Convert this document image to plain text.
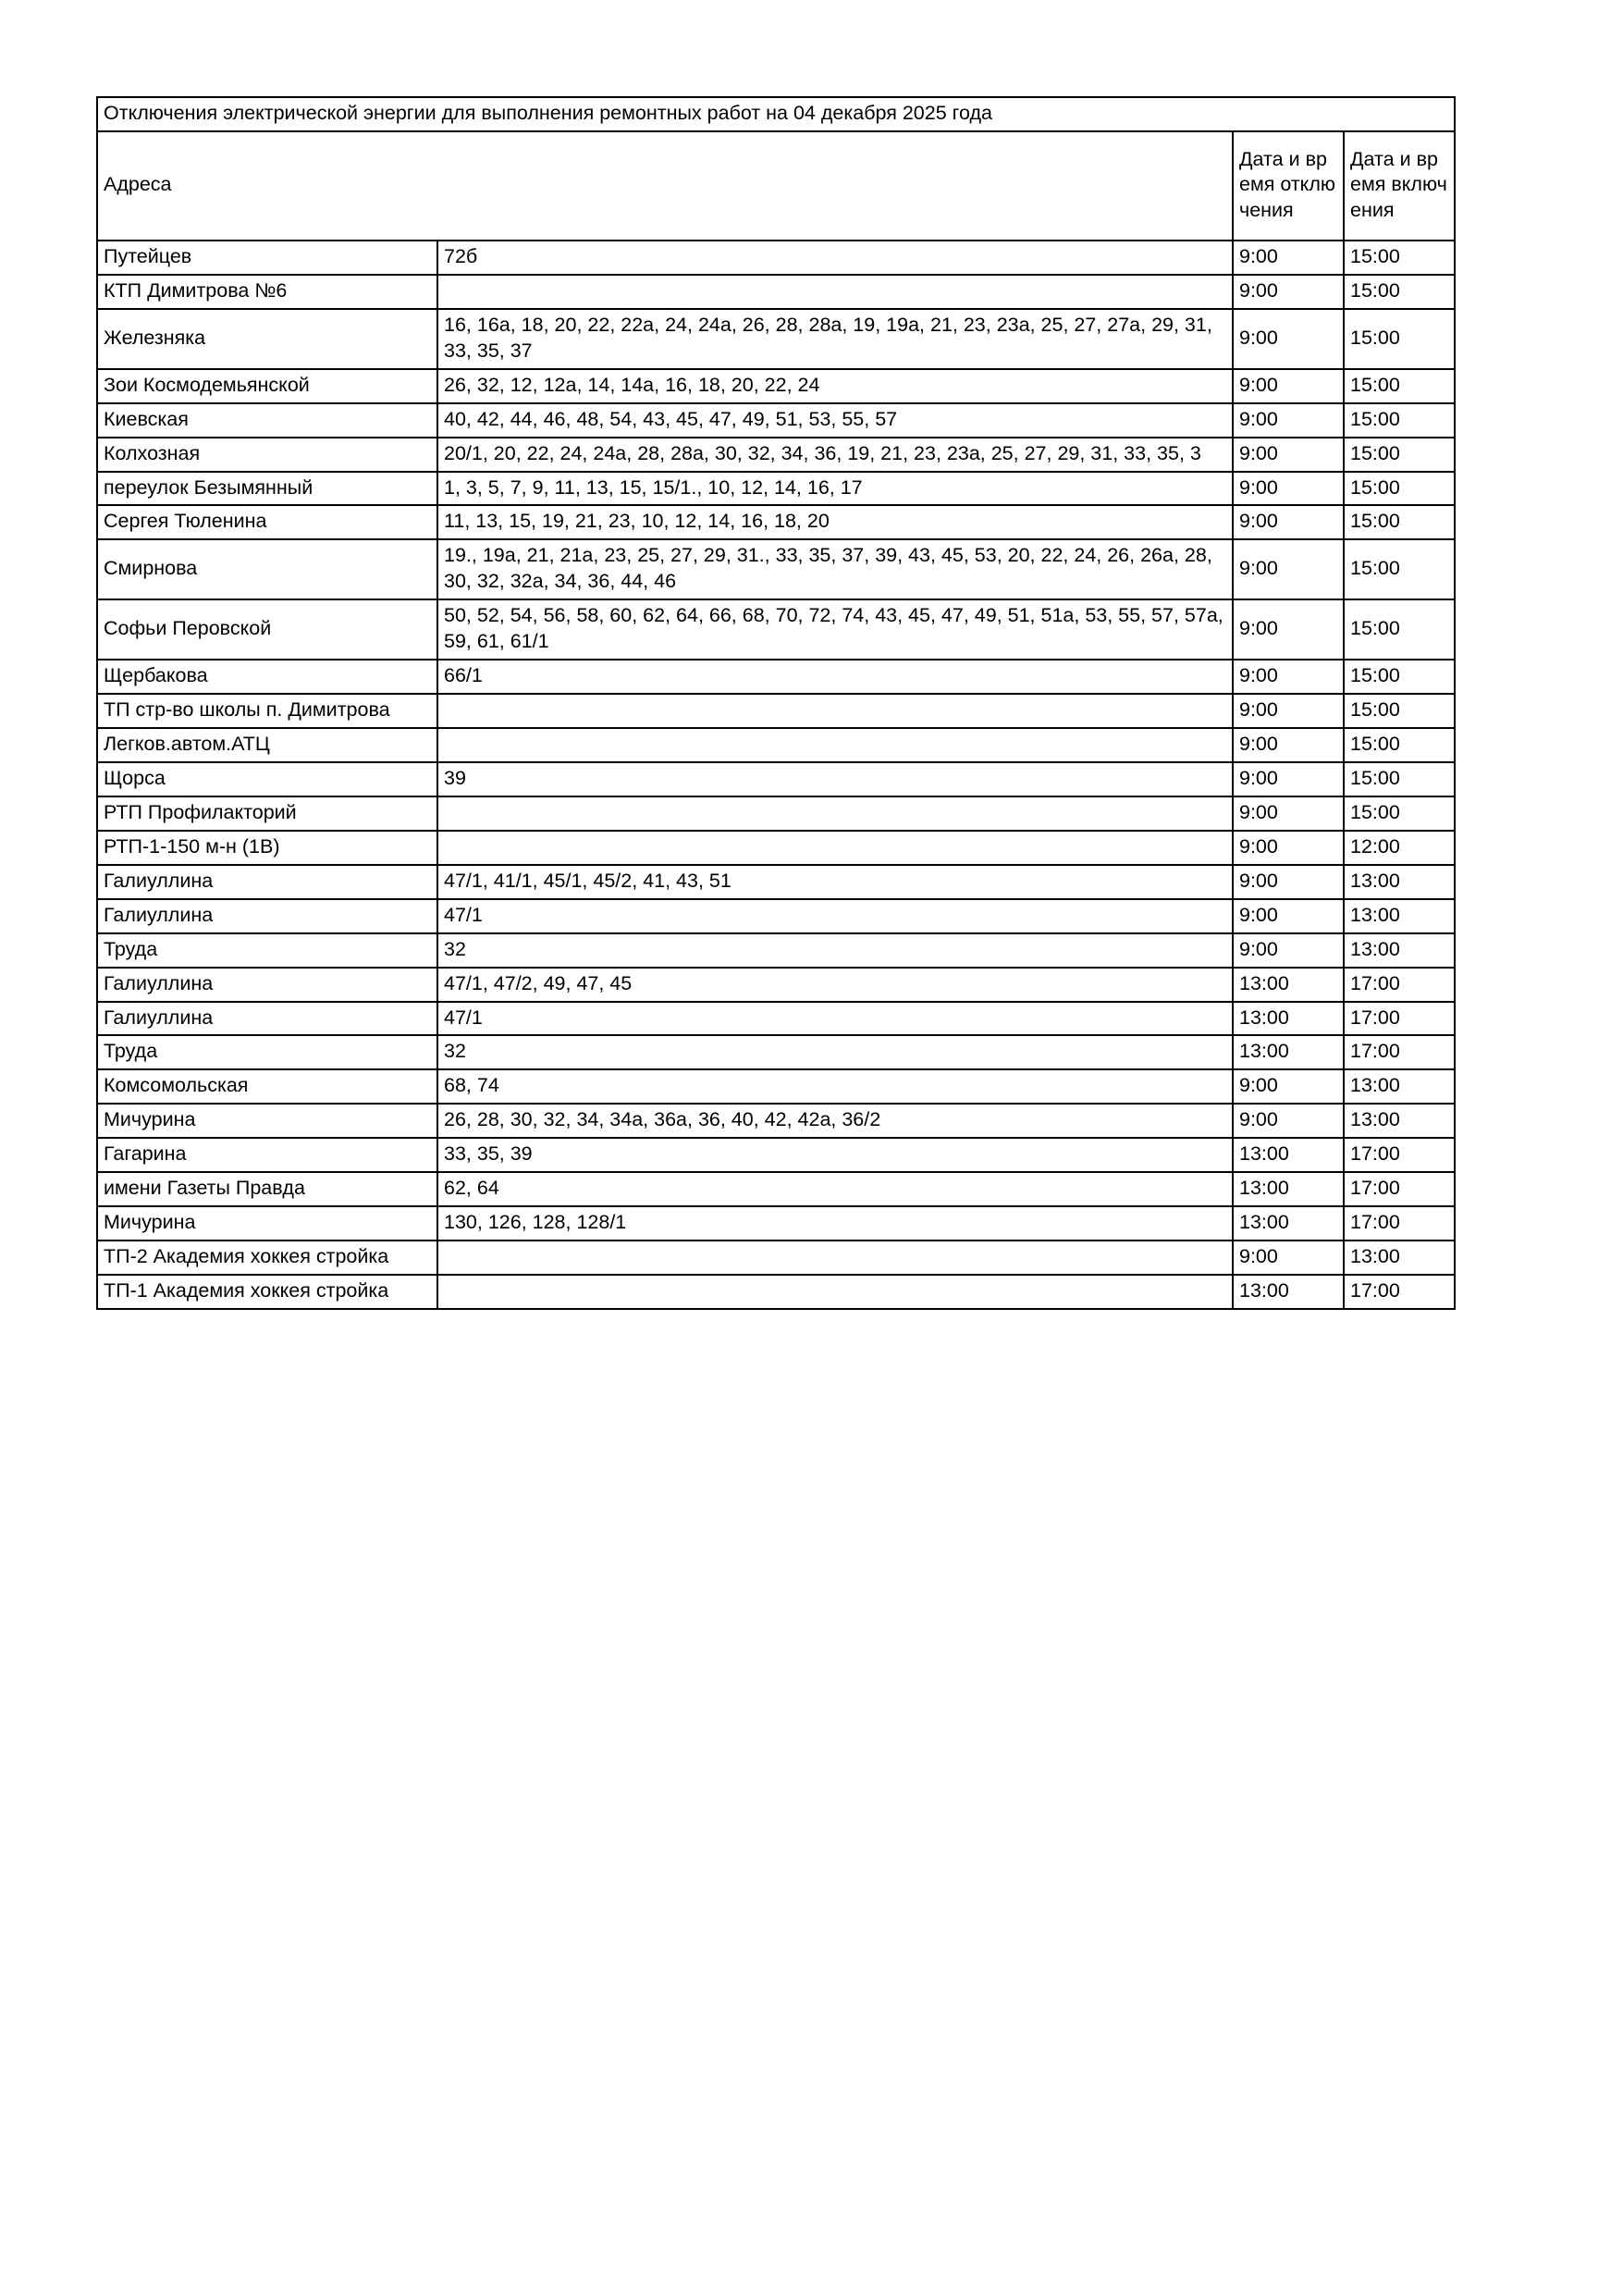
Отключения электрической энергии для выполнения ремонтных работ на 04 декабря 2025 года			
Адреса		Дата и время отключения	Дата и время включения
Путейцев	72б	9:00	15:00
КТП Димитрова №6		9:00	15:00
Железняка	16, 16а, 18, 20, 22, 22а, 24, 24а, 26, 28, 28а, 19, 19а, 21, 23, 23а, 25, 27, 27а, 29, 31, 33, 35, 37	9:00	15:00
Зои Космодемьянской	26, 32, 12, 12а, 14, 14а, 16, 18, 20, 22, 24	9:00	15:00
Киевская	40, 42, 44, 46, 48, 54, 43, 45, 47, 49, 51, 53, 55, 57	9:00	15:00
Колхозная	20/1, 20, 22, 24, 24а, 28, 28а, 30, 32, 34, 36, 19, 21, 23, 23а, 25, 27, 29, 31, 33, 35, 3	9:00	15:00
переулок Безымянный	1, 3, 5, 7, 9, 11, 13, 15, 15/1., 10, 12, 14, 16, 17	9:00	15:00
Сергея Тюленина	11, 13, 15, 19, 21, 23, 10, 12, 14, 16, 18, 20	9:00	15:00
Смирнова	19., 19а, 21, 21а, 23, 25, 27, 29, 31., 33, 35, 37, 39, 43, 45, 53, 20, 22, 24, 26, 26а, 28, 30, 32, 32а, 34, 36, 44, 46	9:00	15:00
Софьи Перовской	50, 52, 54, 56, 58, 60, 62, 64, 66, 68, 70, 72, 74, 43, 45, 47, 49, 51, 51а, 53, 55, 57, 57а, 59, 61, 61/1	9:00	15:00
Щербакова	66/1	9:00	15:00
ТП стр-во школы п. Димитрова		9:00	15:00
Легков.автом.АТЦ		9:00	15:00
Щорса	39	9:00	15:00
РТП Профилакторий		9:00	15:00
РТП-1-150 м-н (1В)		9:00	12:00
Галиуллина	47/1, 41/1, 45/1, 45/2, 41, 43, 51	9:00	13:00
Галиуллина	47/1	9:00	13:00
Труда	32	9:00	13:00
Галиуллина	47/1, 47/2, 49, 47, 45	13:00	17:00
Галиуллина	47/1	13:00	17:00
Труда	32	13:00	17:00
Комсомольская	68, 74	9:00	13:00
Мичурина	26, 28, 30, 32, 34, 34а, 36а, 36, 40, 42, 42а, 36/2	9:00	13:00
Гагарина	33, 35, 39	13:00	17:00
имени Газеты Правда	62, 64	13:00	17:00
Мичурина	130, 126, 128, 128/1	13:00	17:00
ТП-2 Академия хоккея стройка		9:00	13:00
ТП-1 Академия хоккея стройка		13:00	17:00
